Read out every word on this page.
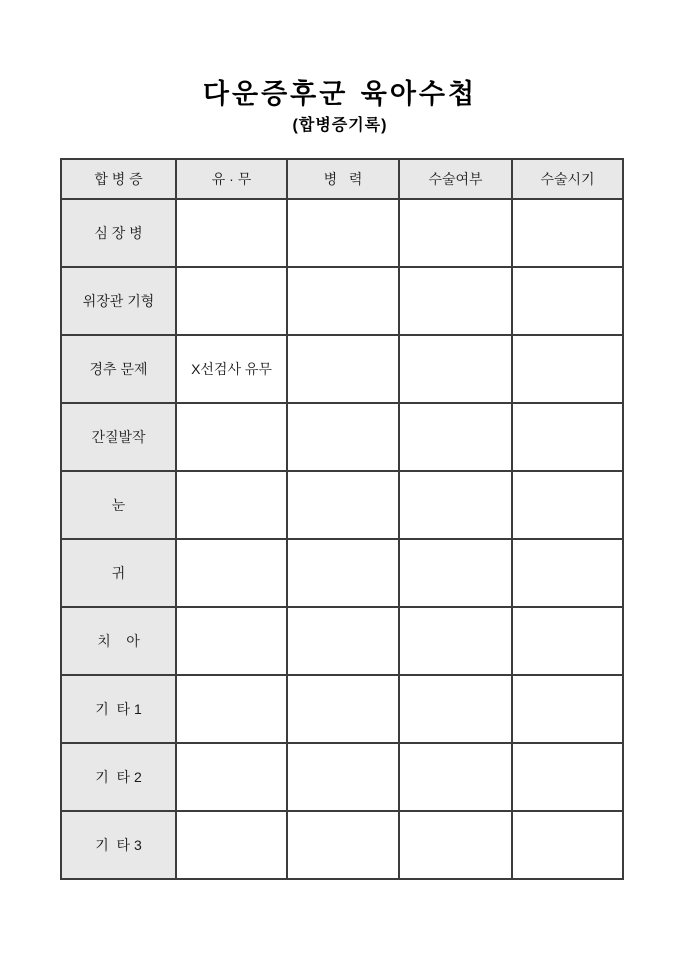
다운증후군 육아수첩
(합병증기록)
합 병 증	유 · 무	병   력	수술여부	수술시기
심 장 병				
위장관 기형				
경추 문제	X선검사 유무			
간질발작				
눈				
귀				
치    아				
기  타 1				
기  타 2				
기  타 3				
